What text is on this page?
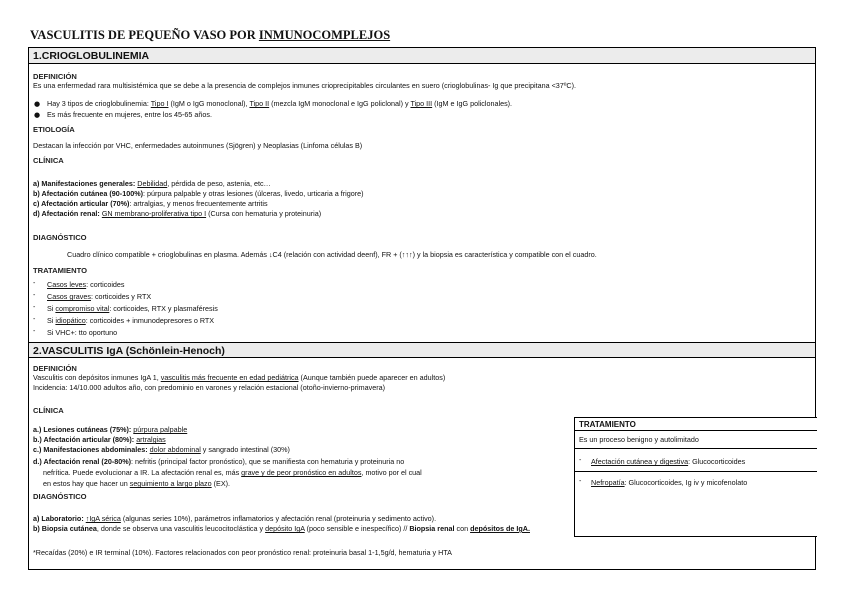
VASCULITIS DE PEQUEÑO VASO POR INMUNOCOMPLEJOS
1.CRIOGLOBULINEMIA
DEFINICIÓN
Es una enfermedad rara multisistémica que se debe a la presencia de complejos inmunes crioprecipitables circulantes en suero (crioglobulinas- Ig que precipitana <37ºC).
● Hay 3 tipos de crioglobulinemia: Tipo I (IgM o IgG monoclonal), Tipo II (mezcla IgM monoclonal e IgG policlonal) y Tipo III (IgM e IgG policlonales).
● Es más frecuente en mujeres, entre los 45-65 años.
ETIOLOGÍA
Destacan la infección por VHC, enfermedades autoinmunes (Sjögren) y Neoplasias (Linfoma células B)
CLÍNICA
a) Manifestaciones generales: Debilidad, pérdida de peso, astenia, etc…
b) Afectación cutánea (90-100%): púrpura palpable y otras lesiones (úlceras, livedo, urticaria a frigore)
c) Afectación articular (70%): artralgias, y menos frecuentemente artritis
d) Afectación renal: GN membrano-proliferativa tipo I (Cursa con hematuria y proteinuria)
DIAGNÓSTICO
Cuadro clínico compatible + crioglobulinas en plasma. Además ↓C4 (relación con actividad deenf), FR + (↑↑↑) y la biopsia es característica y compatible con el cuadro.
TRATAMIENTO
- Casos leves: corticoides
- Casos graves: corticoides y RTX
- Si compromiso vital: corticoides, RTX y plasmaféresis
- Si idiopático: corticoides + inmunodepresores o RTX
- Si VHC+: tto oportuno
2.VASCULITIS IgA (Schönlein-Henoch)
DEFINICIÓN
Vasculitis con depósitos inmunes IgA 1, vasculitis más frecuente en edad pediátrica (Aunque también puede aparecer en adultos)
Incidencia: 14/10.000 adultos año, con predominio en varones y relación estacional (otoño-invierno-primavera)
CLÍNICA
a.) Lesiones cutáneas (75%): púrpura palpable
b.) Afectación articular (80%): artralgias
c.) Manifestaciones abdominales: dolor abdominal y sangrado intestinal (30%)
d.) Afectación renal (20-80%): nefritis (principal factor pronóstico), que se manifiesta con hematuria y proteinuria no
nefrítica. Puede evolucionar a IR. La afectación renal es, más grave y de peor pronóstico en adultos, motivo por el cual
en estos hay que hacer un seguimiento a largo plazo (EX).
DIAGNÓSTICO
a) Laboratorio: ↑IgA sérica (algunas series 10%), parámetros inflamatorios y afectación renal (proteinuria y sedimento activo).
b) Biopsia cutánea, donde se observa una vasculitis leucocitoclástica y depósito IgA (poco sensible e inespecífico) // Biopsia renal con depósitos de IgA.
*Recaídas (20%) e IR terminal (10%). Factores relacionados con peor pronóstico renal: proteinuria basal 1-1,5g/d, hematuria y HTA
TRATAMIENTO
Es un proceso benigno y autolimitado
- Afectación cutánea y digestiva: Glucocorticoides
- Nefropatía: Glucocorticoides, Ig iv y micofenolato
